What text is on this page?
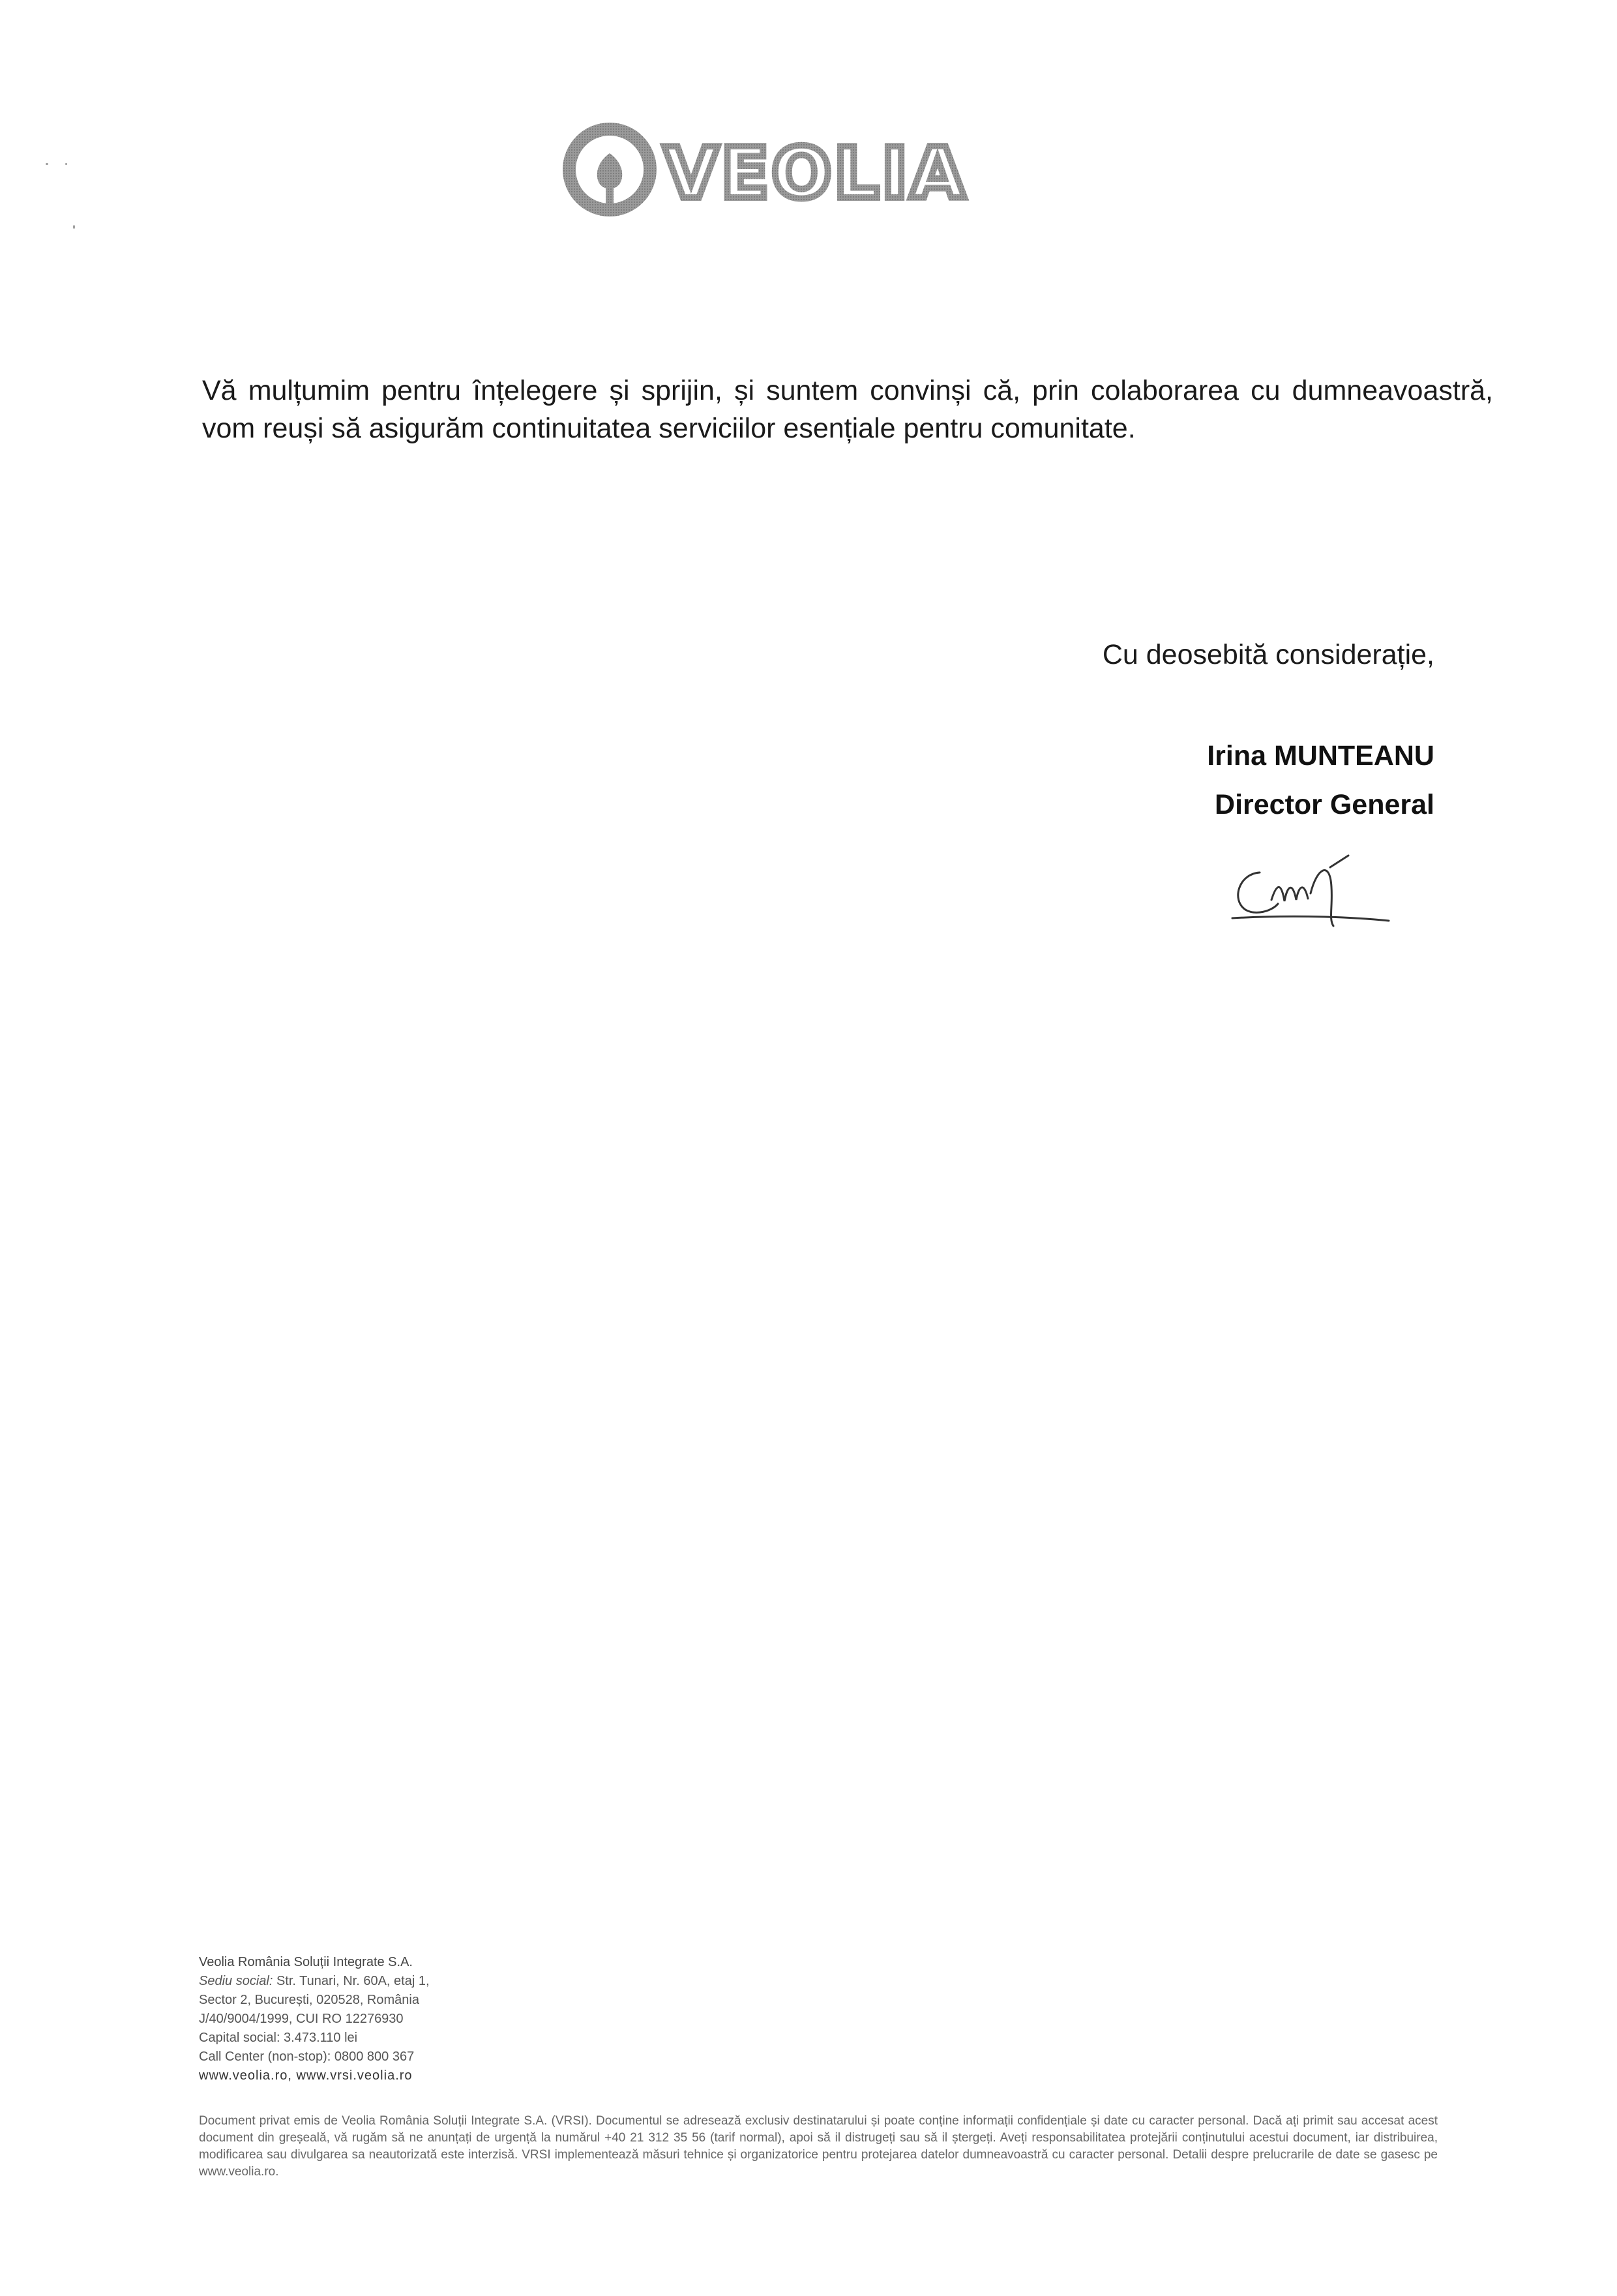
VEOLIA
Vă mulțumim pentru înțelegere și sprijin, și suntem convinși că, prin colaborarea cu dumneavoastră, vom reuși să asigurăm continuitatea serviciilor esențiale pentru comunitate.
Cu deosebită considerație,
Irina MUNTEANU
Director General
Veolia România Soluții Integrate S.A.
Sediu social: Str. Tunari, Nr. 60A, etaj 1,
Sector 2, București, 020528, România
J/40/9004/1999, CUI RO 12276930
Capital social: 3.473.110 lei
Call Center (non-stop): 0800 800 367
www.veolia.ro, www.vrsi.veolia.ro
Document privat emis de Veolia România Soluții Integrate S.A. (VRSI). Documentul se adresează exclusiv destinatarului și poate conține informații confidențiale și date cu caracter personal. Dacă ați primit sau accesat acest document din greșeală, vă rugăm să ne anunțați de urgență la numărul +40 21 312 35 56 (tarif normal), apoi să il distrugeți sau să il ștergeți. Aveți responsabilitatea protejării conținutului acestui document, iar distribuirea, modificarea sau divulgarea sa neautorizată este interzisă. VRSI implementează măsuri tehnice și organizatorice pentru protejarea datelor dumneavoastră cu caracter personal. Detalii despre prelucrarile de date se gasesc pe www.veolia.ro.
